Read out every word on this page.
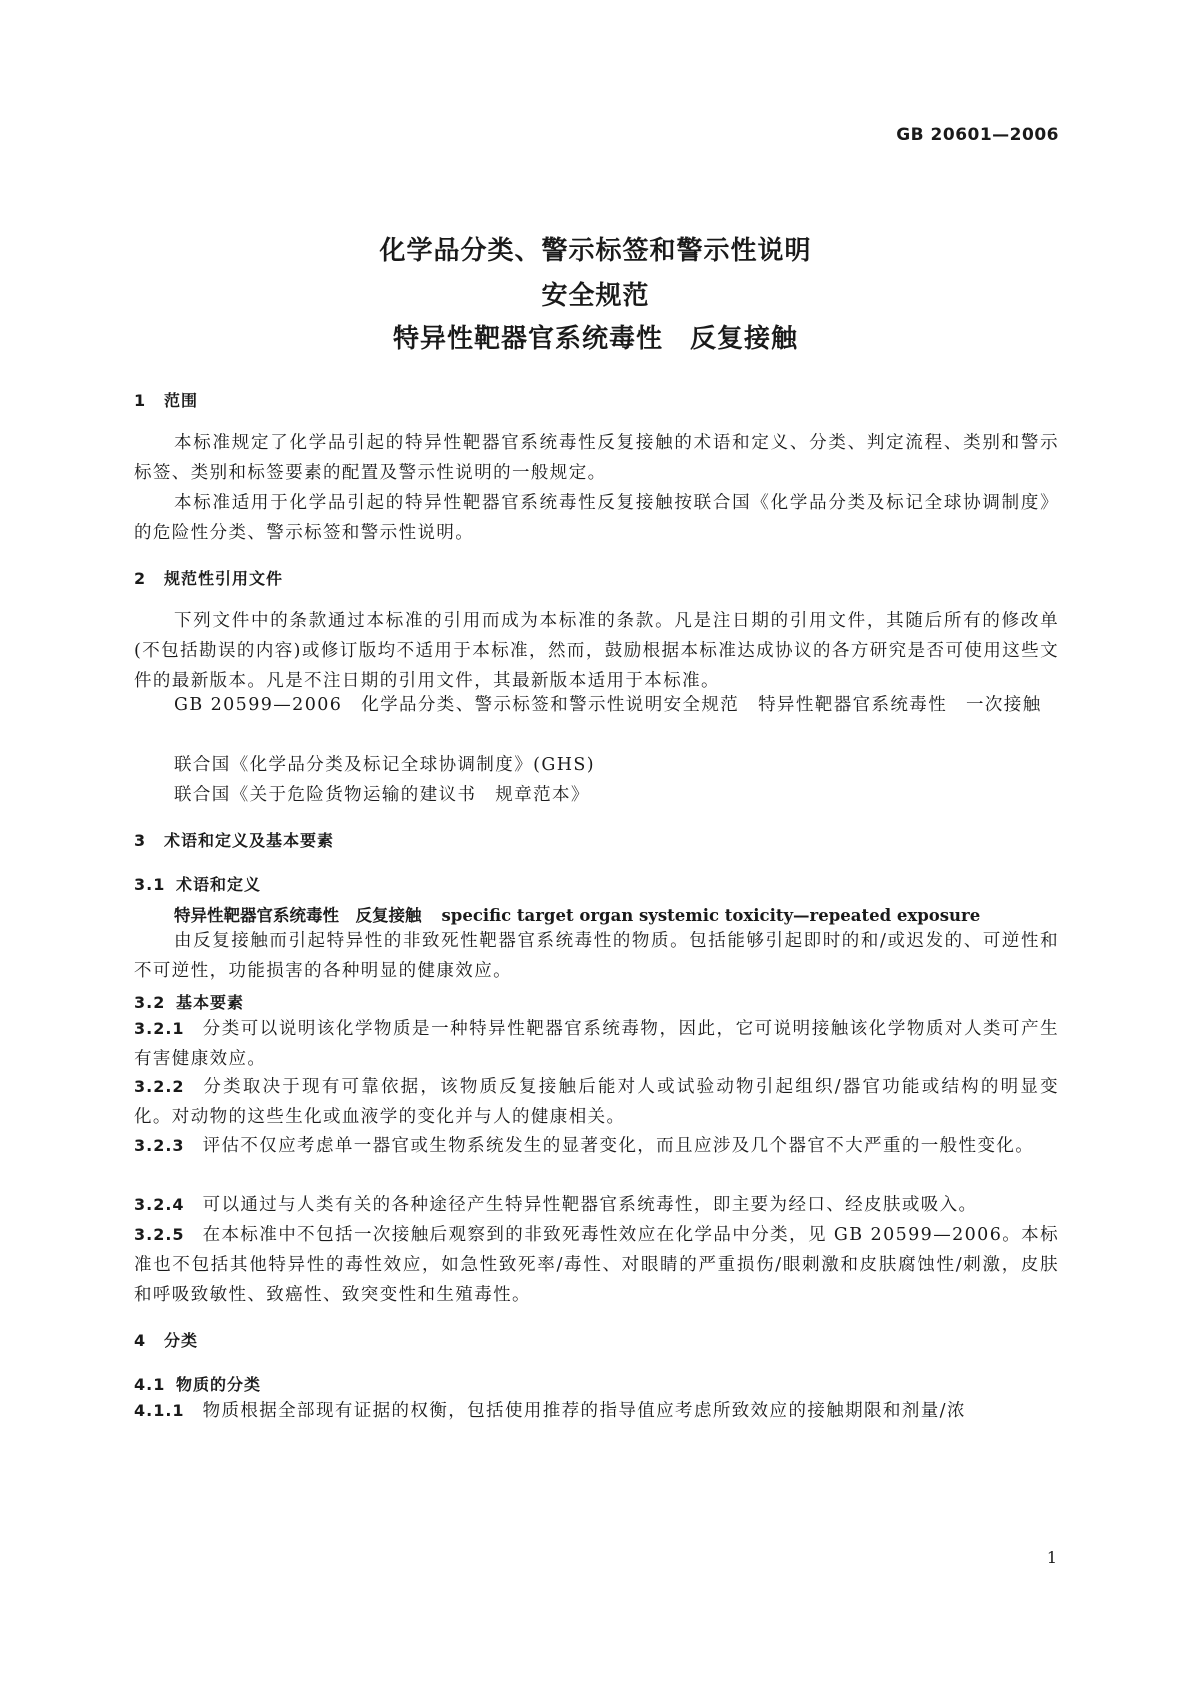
GB 20601—2006
化学品分类、警示标签和警示性说明
安全规范
特异性靶器官系统毒性　反复接触
1 范围
本标准规定了化学品引起的特异性靶器官系统毒性反复接触的术语和定义、分类、判定流程、类别和警示标签、类别和标签要素的配置及警示性说明的一般规定。
本标准适用于化学品引起的特异性靶器官系统毒性反复接触按联合国《化学品分类及标记全球协调制度》的危险性分类、警示标签和警示性说明。
2 规范性引用文件
下列文件中的条款通过本标准的引用而成为本标准的条款。凡是注日期的引用文件，其随后所有的修改单(不包括勘误的内容)或修订版均不适用于本标准，然而，鼓励根据本标准达成协议的各方研究是否可使用这些文件的最新版本。凡是不注日期的引用文件，其最新版本适用于本标准。
GB 20599—2006　化学品分类、警示标签和警示性说明安全规范　特异性靶器官系统毒性　一次接触
联合国《化学品分类及标记全球协调制度》(GHS)
联合国《关于危险货物运输的建议书　规章范本》
3 术语和定义及基本要素
3.1 术语和定义
特异性靶器官系统毒性　反复接触 specific target organ systemic toxicity—repeated exposure
由反复接触而引起特异性的非致死性靶器官系统毒性的物质。包括能够引起即时的和/或迟发的、可逆性和不可逆性，功能损害的各种明显的健康效应。
3.2 基本要素
3.2.1 分类可以说明该化学物质是一种特异性靶器官系统毒物，因此，它可说明接触该化学物质对人类可产生有害健康效应。
3.2.2 分类取决于现有可靠依据，该物质反复接触后能对人或试验动物引起组织/器官功能或结构的明显变化。对动物的这些生化或血液学的变化并与人的健康相关。
3.2.3 评估不仅应考虑单一器官或生物系统发生的显著变化，而且应涉及几个器官不大严重的一般性变化。
3.2.4 可以通过与人类有关的各种途径产生特异性靶器官系统毒性，即主要为经口、经皮肤或吸入。
3.2.5 在本标准中不包括一次接触后观察到的非致死毒性效应在化学品中分类，见 GB 20599—2006。本标准也不包括其他特异性的毒性效应，如急性致死率/毒性、对眼睛的严重损伤/眼刺激和皮肤腐蚀性/刺激，皮肤和呼吸致敏性、致癌性、致突变性和生殖毒性。
4 分类
4.1 物质的分类
4.1.1 物质根据全部现有证据的权衡，包括使用推荐的指导值应考虑所致效应的接触期限和剂量/浓
1
